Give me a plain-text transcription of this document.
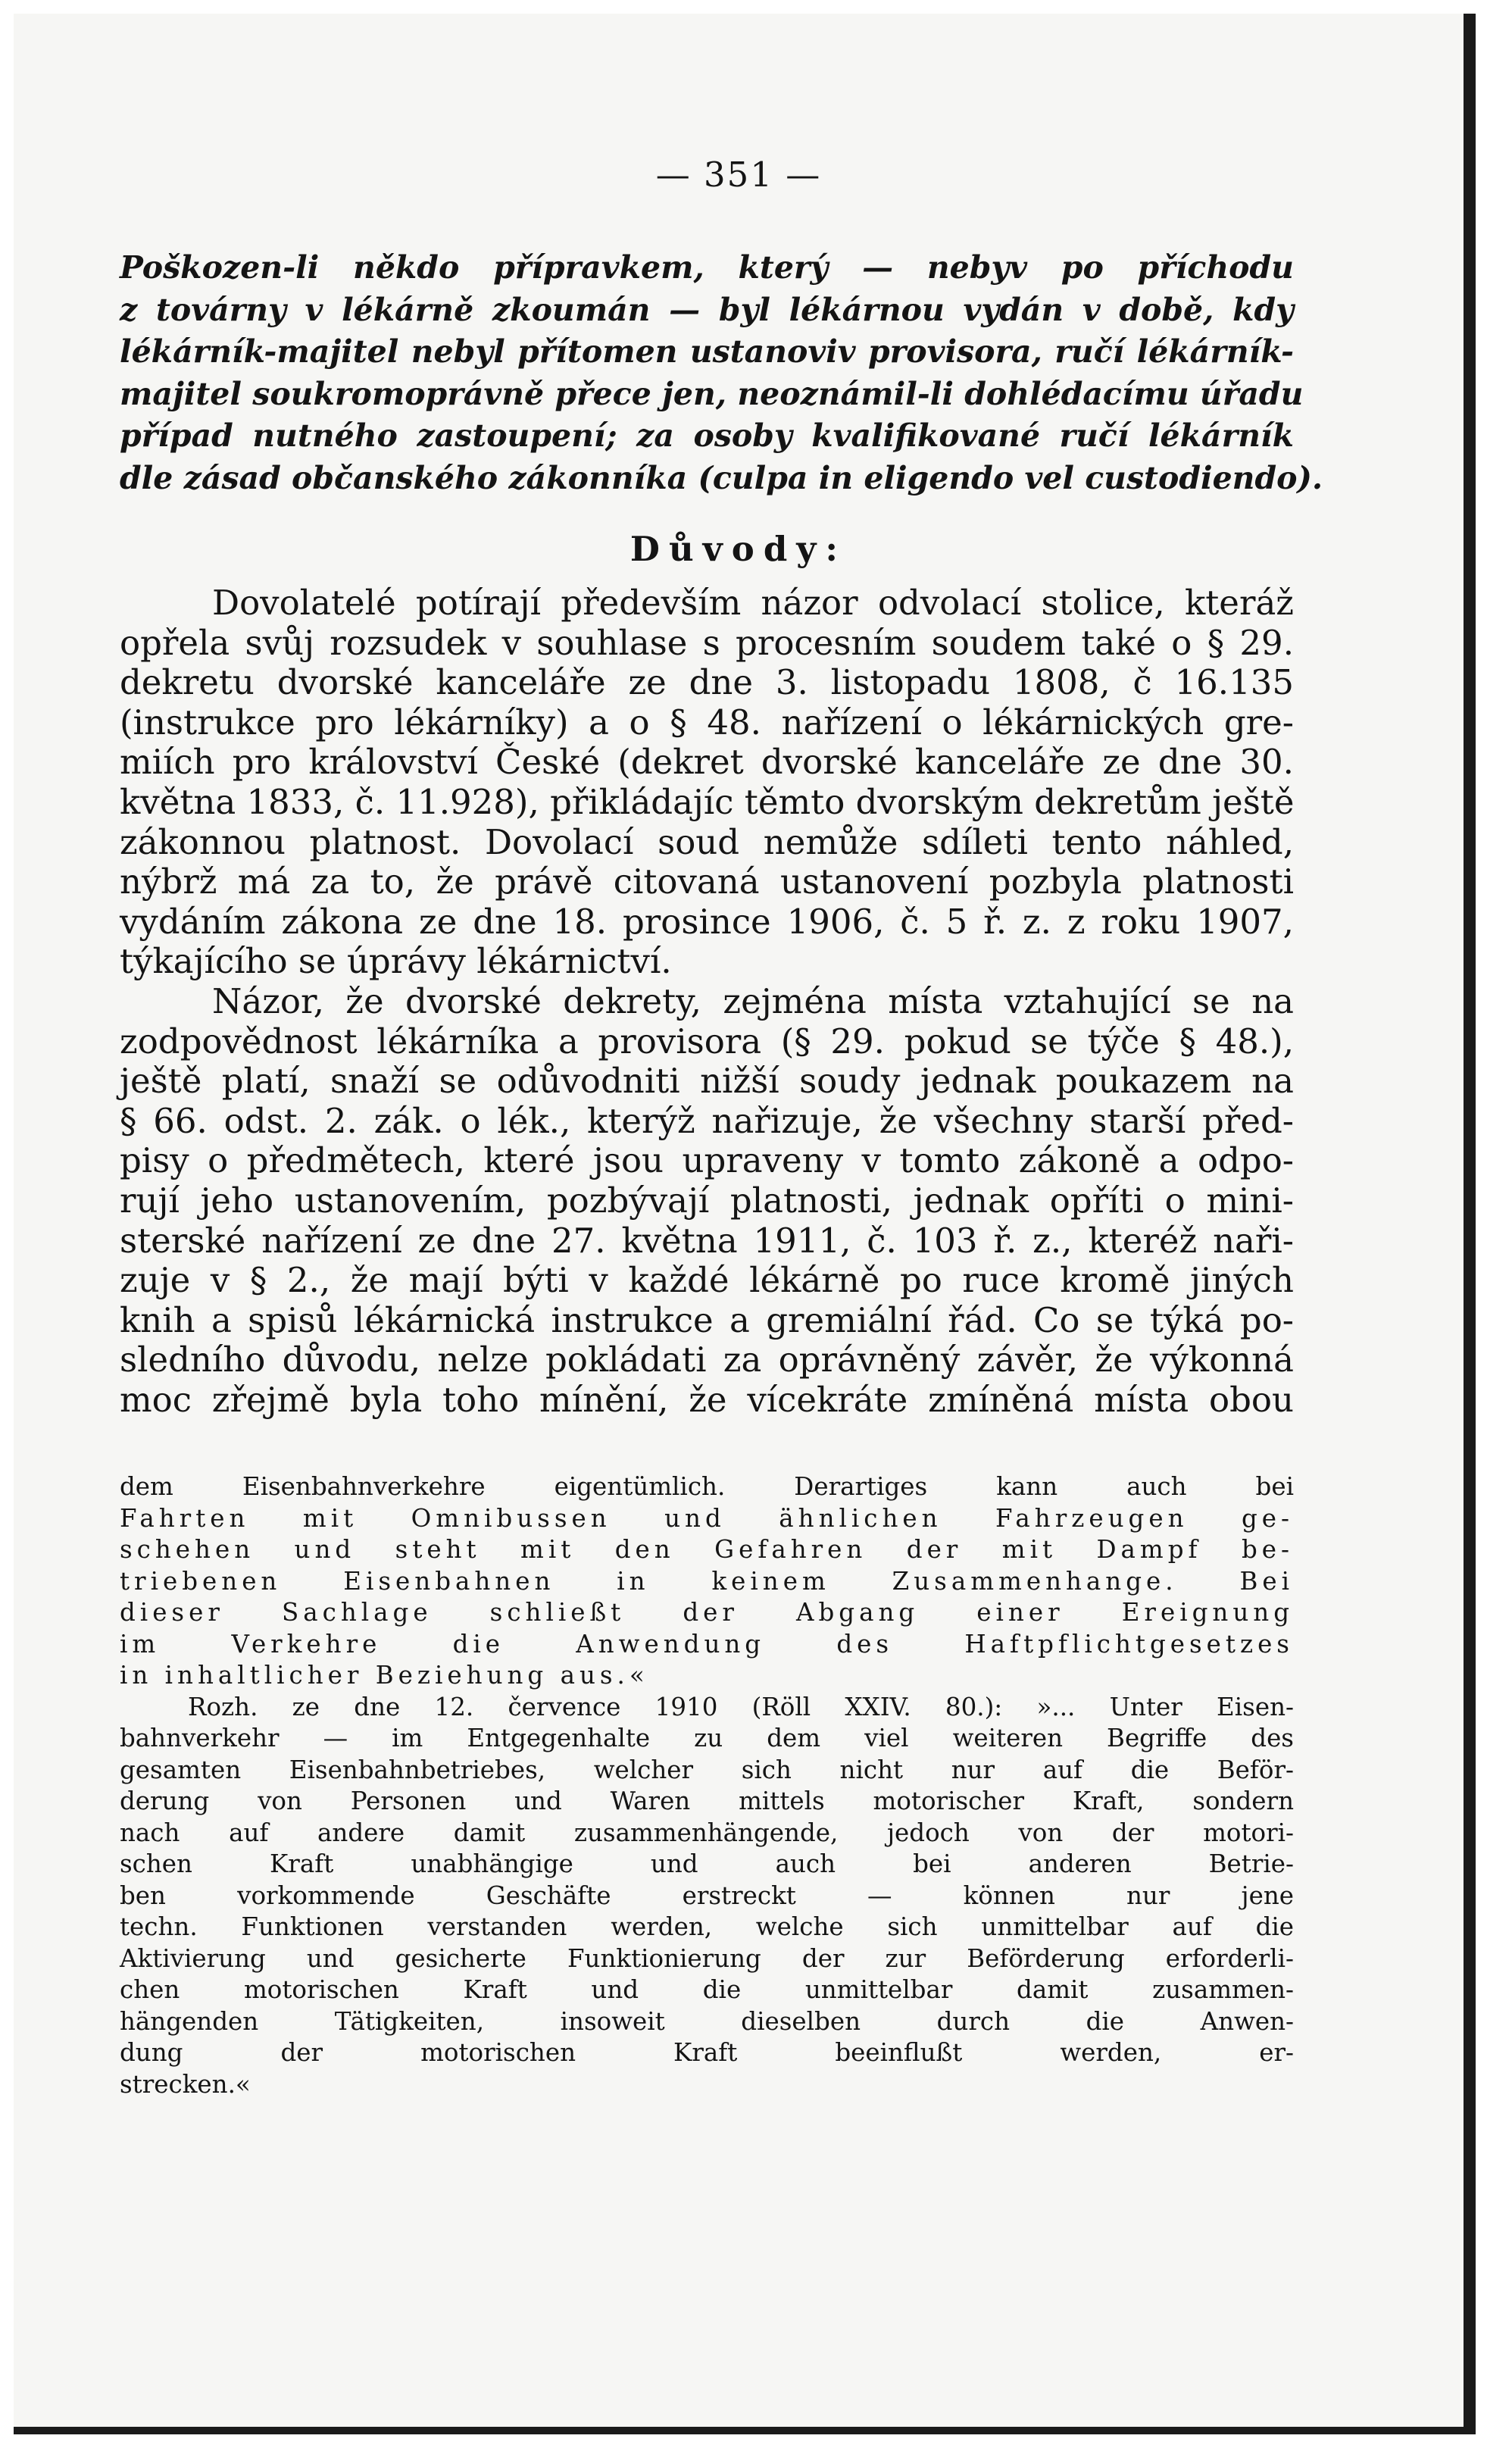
— 351 —
Poškozen-li někdo přípravkem, který — nebyv po příchodu
z továrny v lékárně zkoumán — byl lékárnou vydán v době, kdy
lékárník-majitel nebyl přítomen ustanoviv provisora, ručí lékárník-
majitel soukromoprávně přece jen, neoznámil-li dohlédacímu úřadu
případ nutného zastoupení; za osoby kvalifikované ručí lékárník
dle zásad občanského zákonníka (culpa in eligendo vel custodiendo).
Důvody:
Dovolatelé potírají především názor odvolací stolice, kteráž
opřela svůj rozsudek v souhlase s procesním soudem také o § 29.
dekretu dvorské kanceláře ze dne 3. listopadu 1808, č 16.135
(instrukce pro lékárníky) a o § 48. nařízení o lékárnických gre-
miích pro království České (dekret dvorské kanceláře ze dne 30.
května 1833, č. 11.928), přikládajíc těmto dvorským dekretům ještě
zákonnou platnost. Dovolací soud nemůže sdíleti tento náhled,
nýbrž má za to, že právě citovaná ustanovení pozbyla platnosti
vydáním zákona ze dne 18. prosince 1906, č. 5 ř. z. z roku 1907,
týkajícího se úprávy lékárnictví.
Názor, že dvorské dekrety, zejména místa vztahující se na
zodpovědnost lékárníka a provisora (§ 29. pokud se týče § 48.),
ještě platí, snaží se odůvodniti nižší soudy jednak poukazem na
§ 66. odst. 2. zák. o lék., kterýž nařizuje, že všechny starší před-
pisy o předmětech, které jsou upraveny v tomto zákoně a odpo-
rují jeho ustanovením, pozbývají platnosti, jednak opříti o mini-
sterské nařízení ze dne 27. května 1911, č. 103 ř. z., kteréž naři-
zuje v § 2., že mají býti v každé lékárně po ruce kromě jiných
knih a spisů lékárnická instrukce a gremiální řád. Co se týká po-
sledního důvodu, nelze pokládati za oprávněný závěr, že výkonná
moc zřejmě byla toho mínění, že vícekráte zmíněná místa obou
dem Eisenbahnverkehre eigentümlich. Derartiges kann auch bei
Fahrten mit Omnibussen und ähnlichen Fahrzeugen ge-
schehen und steht mit den Gefahren der mit Dampf be-
triebenen Eisenbahnen in keinem Zusammenhange. Bei
dieser Sachlage schließt der Abgang einer Ereignung
im Verkehre die Anwendung des Haftpflichtgesetzes
in inhaltlicher Beziehung aus.«
Rozh. ze dne 12. července 1910 (Röll XXIV. 80.): »... Unter Eisen-
bahnverkehr — im Entgegenhalte zu dem viel weiteren Begriffe des
gesamten Eisenbahnbetriebes, welcher sich nicht nur auf die Beför-
derung von Personen und Waren mittels motorischer Kraft, sondern
nach auf andere damit zusammenhängende, jedoch von der motori-
schen Kraft unabhängige und auch bei anderen Betrie-
ben vorkommende Geschäfte erstreckt — können nur jene
techn. Funktionen verstanden werden, welche sich unmittelbar auf die
Aktivierung und gesicherte Funktionierung der zur Beförderung erforderli-
chen motorischen Kraft und die unmittelbar damit zusammen-
hängenden Tätigkeiten, insoweit dieselben durch die Anwen-
dung der motorischen Kraft beeinflußt werden, er-
strecken.«
